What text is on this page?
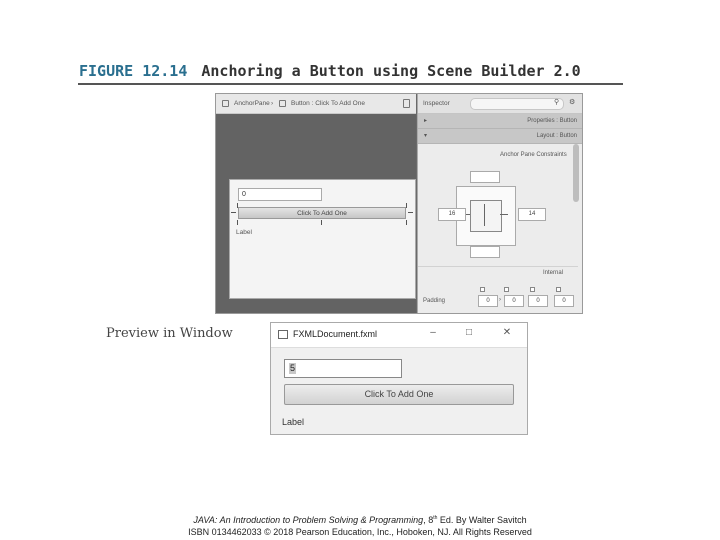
FIGURE 12.14 Anchoring a Button using Scene Builder 2.0
AnchorPane ›	Button : Click To Add One
0
Click To Add One
Label
Inspector	⚲ ⚙
▸	Properties : Button
▾	Layout : Button
Anchor Pane Constraints
16	14
Internal
Padding	0	›	0	0	0
Preview in Window	FXMLDocument.fxml	–	□	✕
5
Click To Add One
Label
JAVA: An Introduction to Problem Solving & Programming, 8th Ed. By Walter Savitch
ISBN 0134462033 © 2018 Pearson Education, Inc., Hoboken, NJ. All Rights Reserved
